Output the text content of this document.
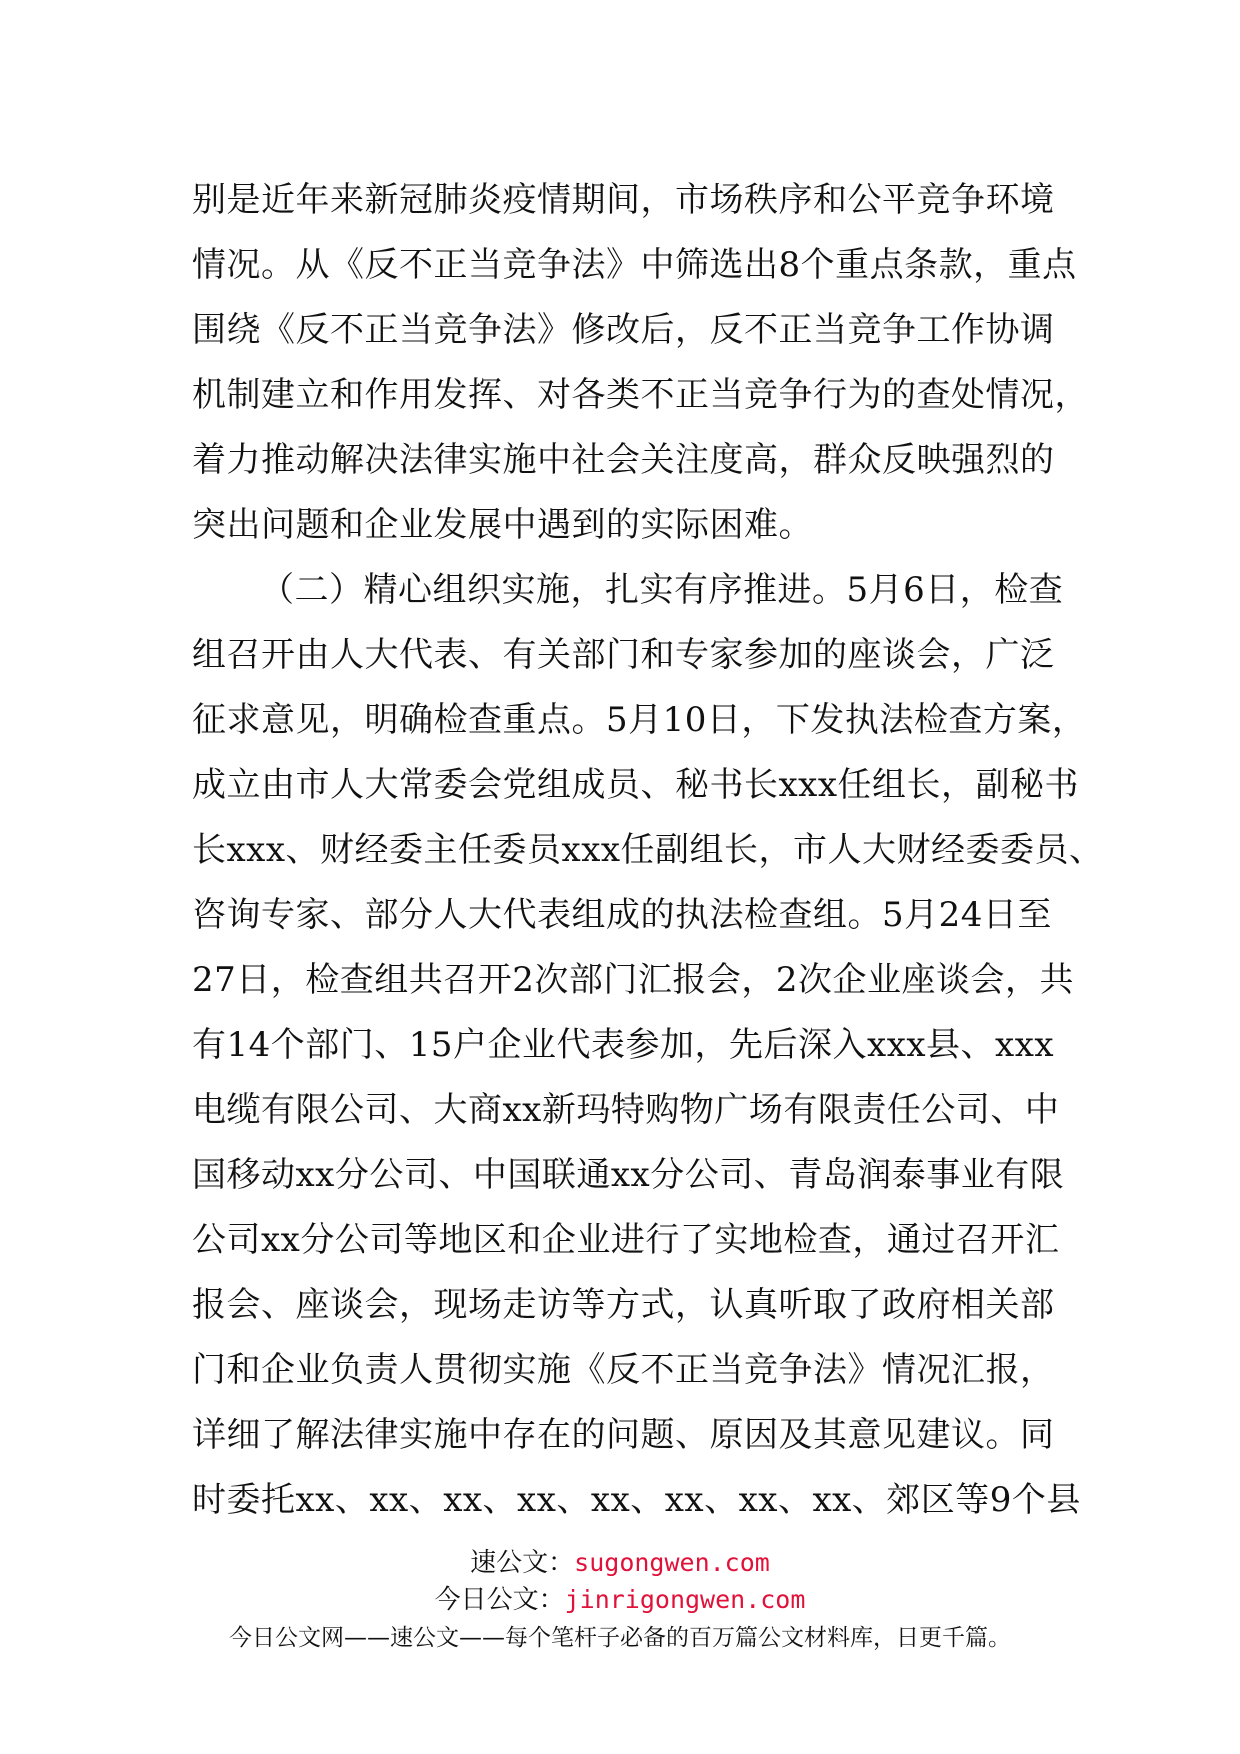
别是近年来新冠肺炎疫情期间，市场秩序和公平竞争环境
情况。从《反不正当竞争法》中筛选出8个重点条款，重点
围绕《反不正当竞争法》修改后，反不正当竞争工作协调
机制建立和作用发挥、对各类不正当竞争行为的查处情况，
着力推动解决法律实施中社会关注度高，群众反映强烈的
突出问题和企业发展中遇到的实际困难。
（二）精心组织实施，扎实有序推进。5月6日，检查
组召开由人大代表、有关部门和专家参加的座谈会，广泛
征求意见，明确检查重点。5月10日，下发执法检查方案，
成立由市人大常委会党组成员、秘书长xxx任组长，副秘书
长xxx、财经委主任委员xxx任副组长，市人大财经委委员、
咨询专家、部分人大代表组成的执法检查组。5月24日至
27日，检查组共召开2次部门汇报会，2次企业座谈会，共
有14个部门、15户企业代表参加，先后深入xxx县、xxx
电缆有限公司、大商xx新玛特购物广场有限责任公司、中
国移动xx分公司、中国联通xx分公司、青岛润泰事业有限
公司xx分公司等地区和企业进行了实地检查，通过召开汇
报会、座谈会，现场走访等方式，认真听取了政府相关部
门和企业负责人贯彻实施《反不正当竞争法》情况汇报，
详细了解法律实施中存在的问题、原因及其意见建议。同
时委托xx、xx、xx、xx、xx、xx、xx、xx、郊区等9个县
速公文：sugongwen.com
今日公文：jinrigongwen.com
今日公文网——速公文——每个笔杆子必备的百万篇公文材料库，日更千篇。
